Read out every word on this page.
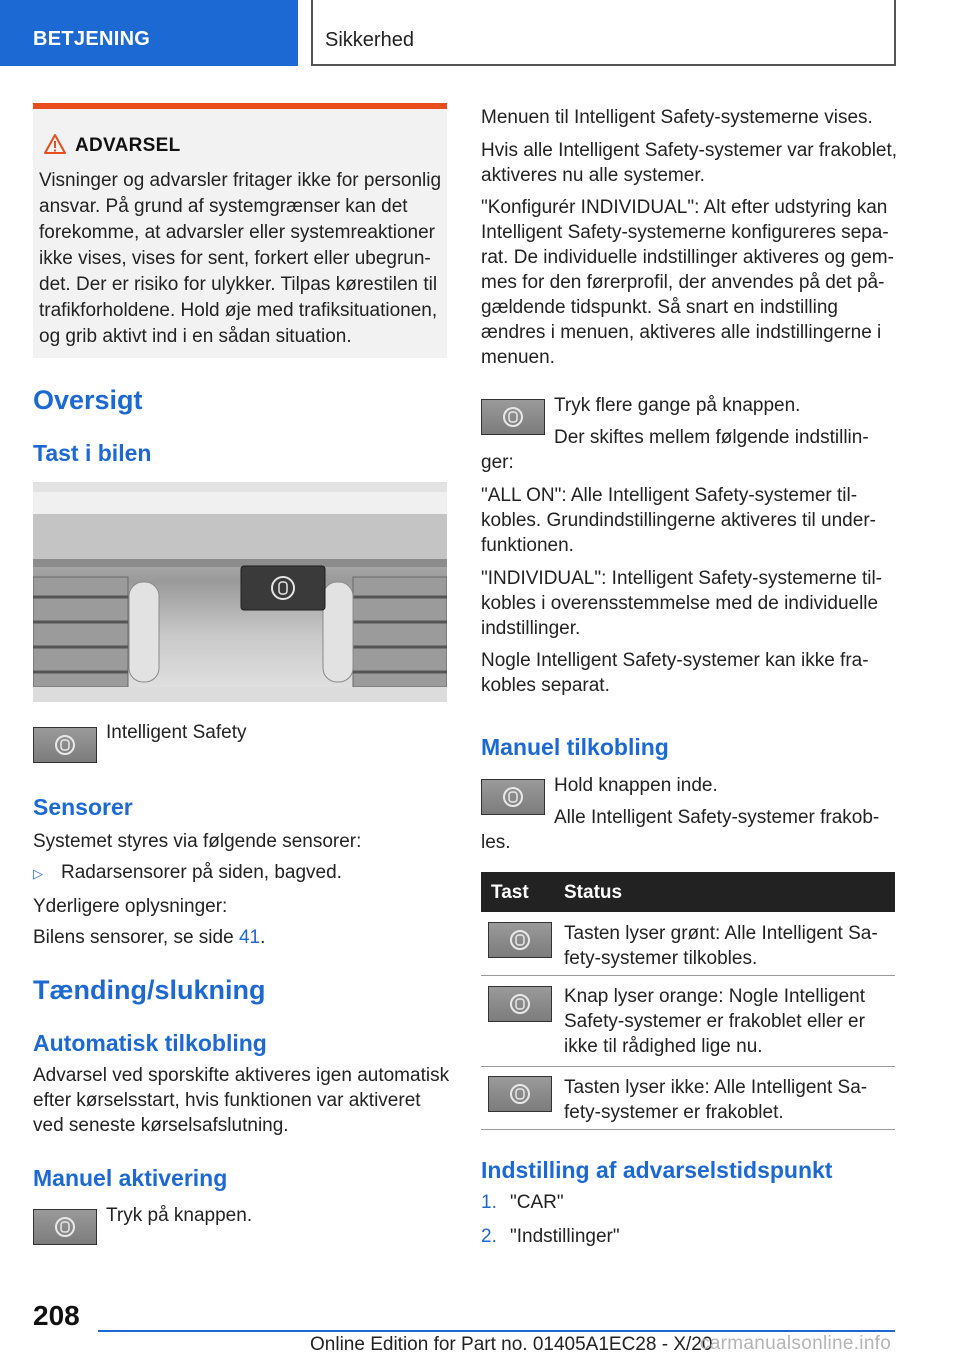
BETJENING	Sikkerhed
ADVARSEL
Visninger og advarsler fritager ikke for personlig
ansvar. På grund af systemgrænser kan det
forekomme, at advarsler eller systemreaktioner
ikke vises, vises for sent, forkert eller ubegrun-
det. Der er risiko for ulykker. Tilpas kørestilen til
trafikforholdene. Hold øje med trafiksituationen,
og grib aktivt ind i en sådan situation.
Oversigt
Tast i bilen
Intelligent Safety
Sensorer
Systemet styres via følgende sensorer:
▷ Radarsensorer på siden, bagved.
Yderligere oplysninger:
Bilens sensorer, se side 41.
Tænding/slukning
Automatisk tilkobling
Advarsel ved sporskifte aktiveres igen automatisk
efter kørselsstart, hvis funktionen var aktiveret
ved seneste kørselsafslutning.
Manuel aktivering
Tryk på knappen.
Menuen til Intelligent Safety-systemerne vises.
Hvis alle Intelligent Safety-systemer var frakoblet,
aktiveres nu alle systemer.
"Konfigurér INDIVIDUAL": Alt efter udstyring kan
Intelligent Safety-systemerne konfigureres sepa-
rat. De individuelle indstillinger aktiveres og gem-
mes for den førerprofil, der anvendes på det på-
gældende tidspunkt. Så snart en indstilling
ændres i menuen, aktiveres alle indstillingerne i
menuen.
Tryk flere gange på knappen.
Der skiftes mellem følgende indstillin-
ger:
"ALL ON": Alle Intelligent Safety-systemer til-
kobles. Grundindstillingerne aktiveres til under-
funktionen.
"INDIVIDUAL": Intelligent Safety-systemerne til-
kobles i overensstemmelse med de individuelle
indstillinger.
Nogle Intelligent Safety-systemer kan ikke fra-
kobles separat.
Manuel tilkobling
Hold knappen inde.
Alle Intelligent Safety-systemer frakob-
les.
Tast Status
Tasten lyser grønt: Alle Intelligent Sa-
fety-systemer tilkobles.
Knap lyser orange: Nogle Intelligent
Safety-systemer er frakoblet eller er
ikke til rådighed lige nu.
Tasten lyser ikke: Alle Intelligent Sa-
fety-systemer er frakoblet.
Indstilling af advarselstidspunkt
1. "CAR"
2. "Indstillinger"
208
Online Edition for Part no. 01405A1EC28 - X/20
carmanualsonline.info
